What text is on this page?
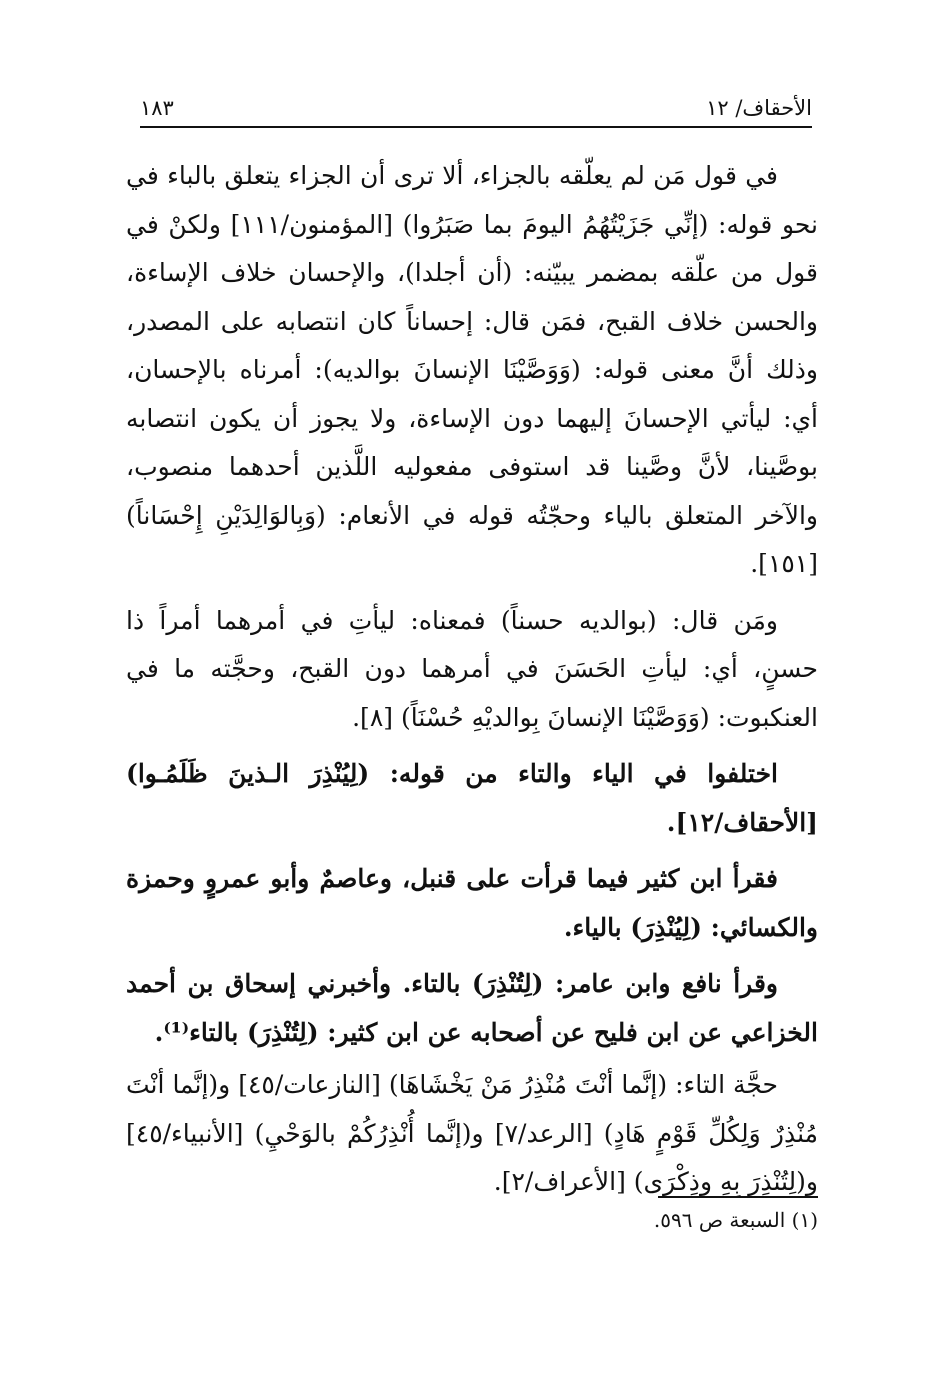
الأحقاف/ ١٢
١٨٣

في قول مَن لم يعلّقه بالجزاء، ألا ترى أن الجزاء يتعلق بالباء في نحو قوله: (إنِّي جَزَيْتُهُمُ اليومَ بما صَبَرُوا) [المؤمنون/١١١] ولكنْ في قول من علّقه بمضمر يبيّنه: (أن أجلدا)، والإحسان خلاف الإساءة، والحسن خلاف القبح، فمَن قال: إحساناً كان انتصابه على المصدر، وذلك أنَّ معنى قوله: (وَوَصَّيْنَا الإنسانَ بوالديه): أمرناه بالإحسان، أي: ليأتي الإحسانَ إليهما دون الإساءة، ولا يجوز أن يكون انتصابه بوصَّينا، لأنَّ وصَّينا قد استوفى مفعوليه اللَّذين أحدهما منصوب، والآخر المتعلق بالياء وحجّتُه قوله في الأنعام: (وَبِالوَالِدَيْنِ إِحْسَاناً) [١٥١].

ومَن قال: (بوالديه حسناً) فمعناه: ليأتِ في أمرهما أمراً ذا حسنٍ، أي: ليأتِ الحَسَنَ في أمرهما دون القبح، وحجَّته ما في العنكبوت: (وَوَصَّيْنَا الإنسانَ بِوالديْهِ حُسْنَاً) [٨].

اختلفوا في الياء والتاء من قوله: (لِيُنْذِرَ الـذينَ ظَلَمُـوا) [الأحقاف/١٢].

فقرأ ابن كثير فيما قرأت على قنبل، وعاصمٌ وأبو عمروٍ وحمزة والكسائي: (لِيُنْذِرَ) بالياء.

وقرأ نافع وابن عامر: (لِتُنْذِرَ) بالتاء. وأخبرني إسحاق بن أحمد الخزاعي عن ابن فليح عن أصحابه عن ابن كثير: (لِتُنْذِرَ) بالتاء⁽¹⁾.

حجَّة التاء: (إنَّما أنْتَ مُنْذِرُ مَنْ يَخْشَاهَا) [النازعات/٤٥] و(إنَّما أنْتَ مُنْذِرٌ وَلِكُلِّ قَوْمٍ هَادٍ) [الرعد/٧] و(إنَّما أُنْذِرُكُمْ بالوَحْيِ) [الأنبياء/٤٥] و(لِتُنْذِرَ بِهِ وذِكْرَى) [الأعراف/٢].

(١) السبعة ص ٥٩٦.
